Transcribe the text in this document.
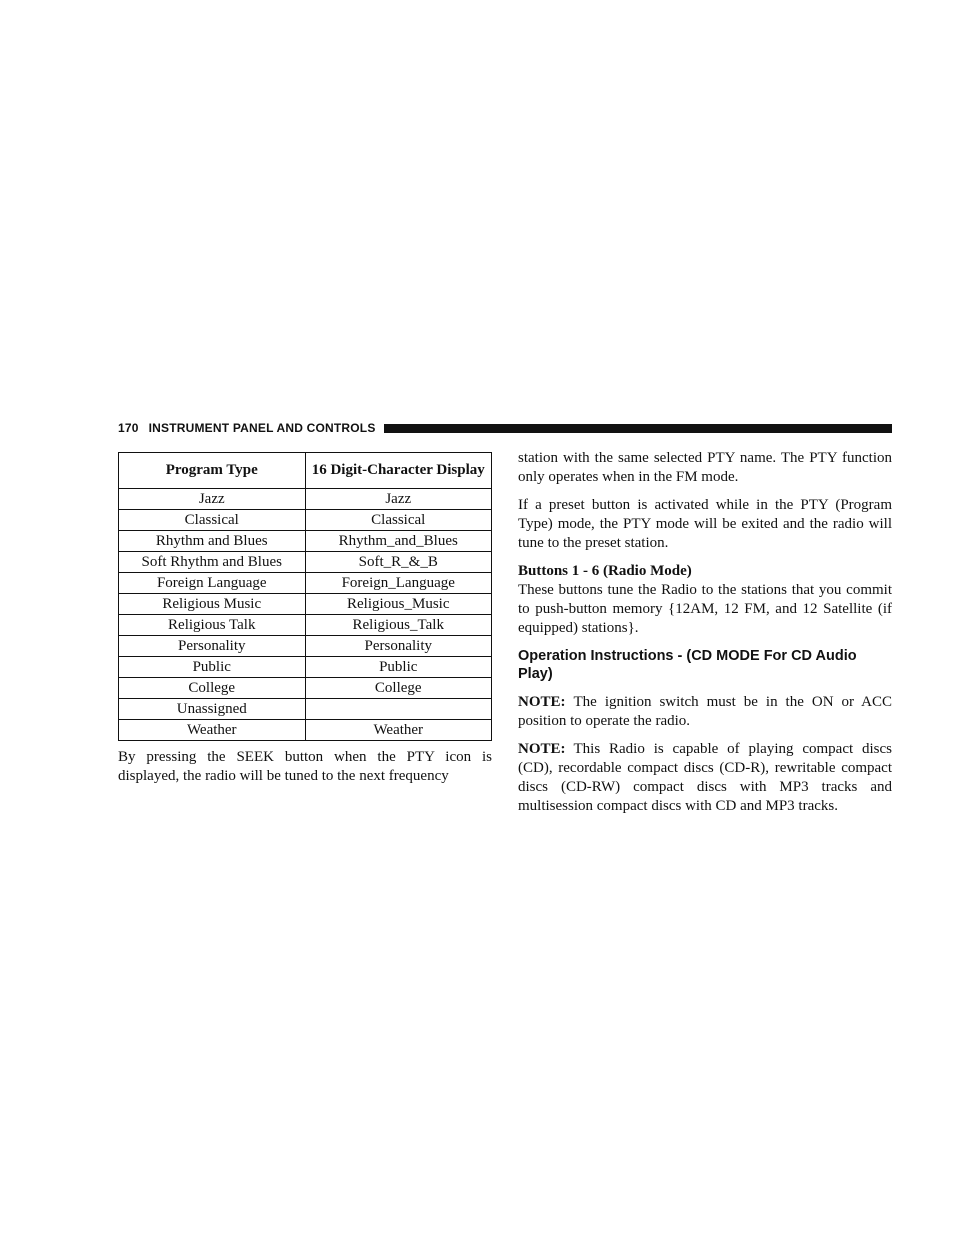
170 INSTRUMENT PANEL AND CONTROLS
Program Type	16 Digit-Character Display
Jazz	Jazz
Classical	Classical
Rhythm and Blues	Rhythm_and_Blues
Soft Rhythm and Blues	Soft_R_&_B
Foreign Language	Foreign_Language
Religious Music	Religious_Music
Religious Talk	Religious_Talk
Personality	Personality
Public	Public
College	College
Unassigned	
Weather	Weather

By pressing the SEEK button when the PTY icon is displayed, the radio will be tuned to the next frequency

station with the same selected PTY name. The PTY function only operates when in the FM mode.

If a preset button is activated while in the PTY (Program Type) mode, the PTY mode will be exited and the radio will tune to the preset station.

Buttons 1 - 6 (Radio Mode)

These buttons tune the Radio to the stations that you commit to push-button memory {12AM, 12 FM, and 12 Satellite (if equipped) stations}.

Operation Instructions - (CD MODE For CD Audio Play)

NOTE: The ignition switch must be in the ON or ACC position to operate the radio.

NOTE: This Radio is capable of playing compact discs (CD), recordable compact discs (CD-R), rewritable compact discs (CD-RW) compact discs with MP3 tracks and multisession compact discs with CD and MP3 tracks.
